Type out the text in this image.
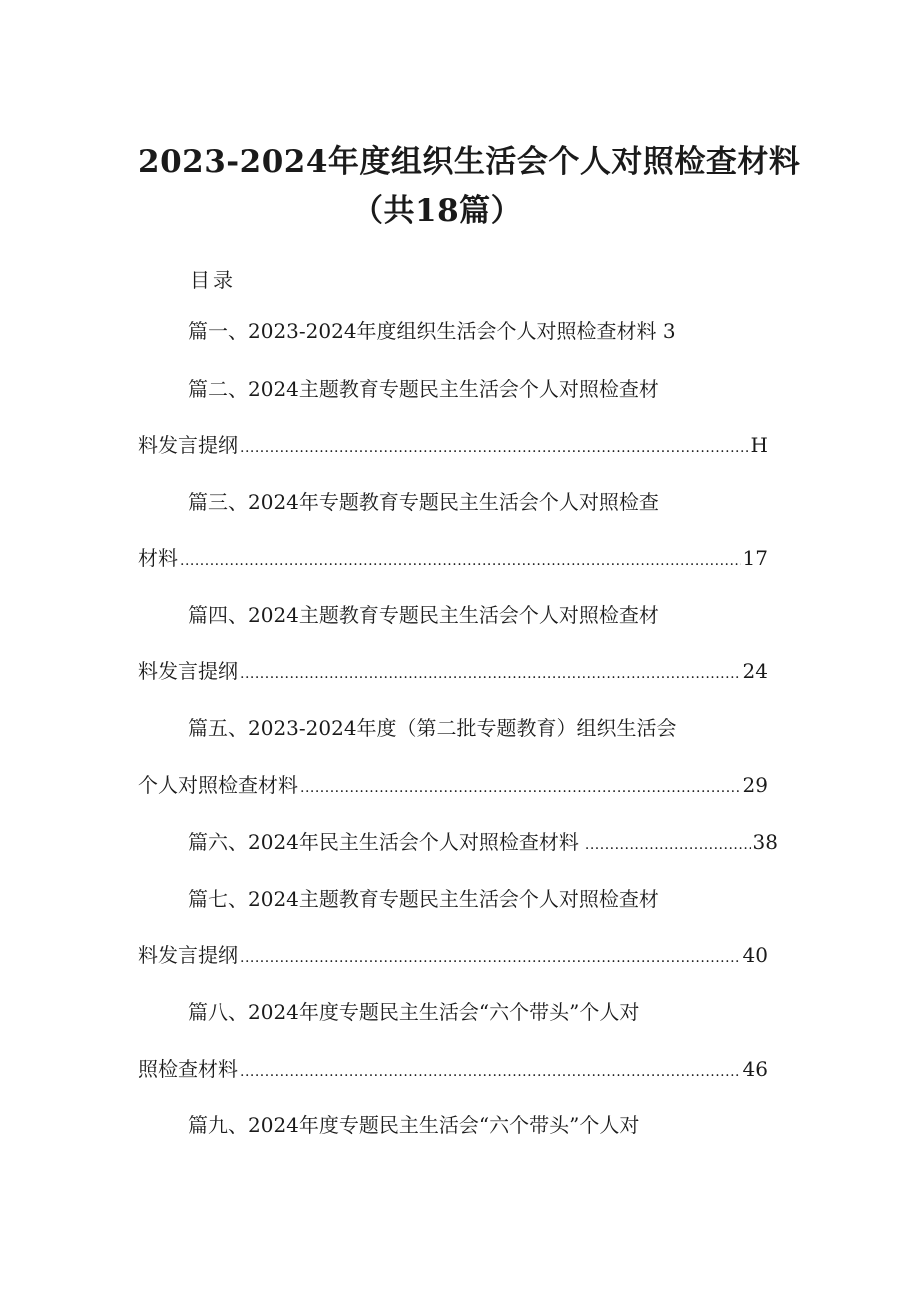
2023-2024年度组织生活会个人对照检查材料
（共18篇）
目录
篇一、2023-2024年度组织生活会个人对照检查材料 3
篇二、2024主题教育专题民主生活会个人对照检查材
料发言提纲 .....	H
篇三、2024年专题教育专题民主生活会个人对照检查
材料 .....	17
篇四、2024主题教育专题民主生活会个人对照检查材
料发言提纲 .....	24
篇五、2023-2024年度（第二批专题教育）组织生活会
个人对照检查材料 .....	29
篇六、2024年民主生活会个人对照检查材料 .....	38
篇七、2024主题教育专题民主生活会个人对照检查材
料发言提纲 .....	40
篇八、2024年度专题民主生活会“六个带头”个人对
照检查材料 .....	46
篇九、2024年度专题民主生活会“六个带头”个人对
